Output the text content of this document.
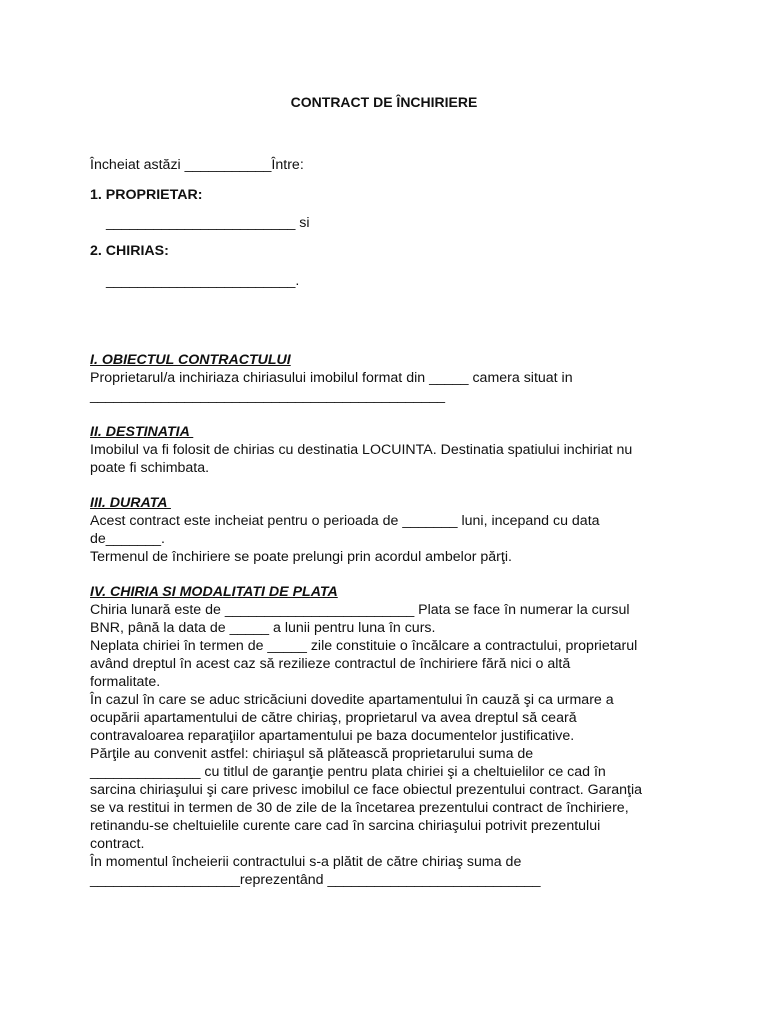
CONTRACT DE ÎNCHIRIERE
Încheiat astăzi ___________Între:
1. PROPRIETAR:
________________________ si
2. CHIRIAS:
________________________.

I. OBIECTUL CONTRACTULUI

Proprietarul/a inchiriaza chiriasului imobilul format din _____ camera situat in

_____________________________________________

II. DESTINATIA

Imobilul va fi folosit de chirias cu destinatia LOCUINTA. Destinatia spatiului inchiriat nu

poate fi schimbata.

III. DURATA

Acest contract este incheiat pentru o perioada de _______ luni, incepand cu data

de_______.

Termenul de închiriere se poate prelungi prin acordul ambelor părţi.

IV. CHIRIA SI MODALITATI DE PLATA

Chiria lunară este de ________________________ Plata se face în numerar la cursul

BNR, până la data de _____ a lunii pentru luna în curs.

Neplata chiriei în termen de _____ zile constituie o încălcare a contractului, proprietarul

având dreptul în acest caz să rezilieze contractul de închiriere fără nici o altă

formalitate.

În cazul în care se aduc stricăciuni dovedite apartamentului în cauză şi ca urmare a

ocupării apartamentului de către chiriaş, proprietarul va avea dreptul să ceară

contravaloarea reparaţiilor apartamentului pe baza documentelor justificative.

Părţile au convenit astfel: chiriaşul să plătească proprietarului suma de

______________ cu titlul de garanţie pentru plata chiriei şi a cheltuielilor ce cad în

sarcina chiriaşului şi care privesc imobilul ce face obiectul prezentului contract. Garanţia

se va restitui in termen de 30 de zile de la încetarea prezentului contract de închiriere,

retinandu-se cheltuielile curente care cad în sarcina chiriaşului potrivit prezentului

contract.

În momentul încheierii contractului s-a plătit de către chiriaş suma de

___________________reprezentând ___________________________
